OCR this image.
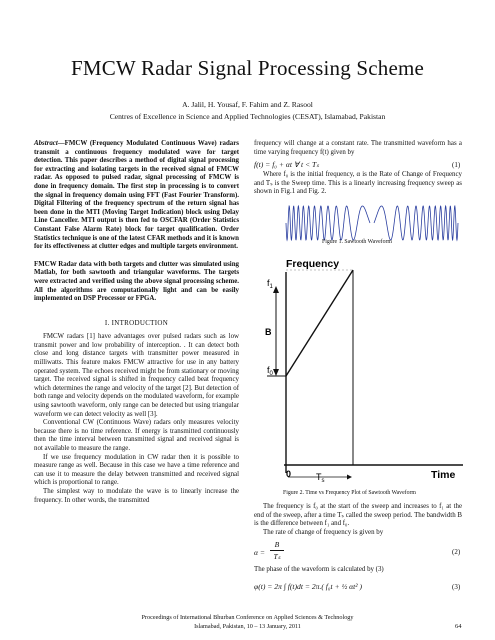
FMCW Radar Signal Processing Scheme
A. Jalil, H. Yousaf, F. Fahim and Z. Rasool
Centres of Excellence in Science and Applied Technologies (CESAT), Islamabad, Pakistan

Abstract—FMCW (Frequency Modulated Continuous Wave) radars transmit a continuous frequency modulated wave for target detection. This paper describes a method of digital signal processing for extracting and isolating targets in the received signal of FMCW radar. As opposed to pulsed radar, signal processing of FMCW is done in frequency domain. The first step in processing is to convert the signal in frequency domain using FFT (Fast Fourier Transform). Digital Filtering of the frequency spectrum of the return signal has been done in the MTI (Moving Target Indication) block using Delay Line Canceller. MTI output is then fed to OSCFAR (Order Statistics Constant False Alarm Rate) block for target qualification. Order Statistics technique is one of the latest CFAR methods and it is known for its effectiveness at clutter edges and multiple targets environment.

FMCW Radar data with both targets and clutter was simulated using Matlab, for both sawtooth and triangular waveforms. The targets were extracted and verified using the above signal processing scheme. All the algorithms are computationally light and can be easily implemented on DSP Processor or FPGA.

I. INTRODUCTION

FMCW radars [1] have advantages over pulsed radars such as low transmit power and low probability of interception. . It can detect both close and long distance targets with transmitter power measured in milliwatts. This feature makes FMCW attractive for use in any battery operated system. The echoes received might be from stationary or moving target. The received signal is shifted in frequency called beat frequency which determines the range and velocity of the target [2]. But detection of both range and velocity depends on the modulated waveform, for example using sawtooth waveform, only range can be detected but using triangular waveform we can detect velocity as well [3].

Conventional CW (Continuous Wave) radars only measures velocity because there is no time reference. If energy is transmitted continuously then the time interval between transmitted signal and received signal is not available to measure the range.

If we use frequency modulation in CW radar then it is possible to measure range as well. Because in this case we have a time reference and can use it to measure the delay between transmitted and received signal which is proportional to range.

The simplest way to modulate the wave is to linearly increase the frequency. In other words, the transmitted

frequency will change at a constant rate. The transmitted waveform has a time varying frequency f(t) given by

f(t) = f₀ + αt ∀ t < Tₛ	(1)
Where f₀ is the initial frequency, α is the Rate of Change of Frequency and Tₛ is the Sweep time. This is a linearly increasing frequency sweep as shown in Fig.1 and Fig. 2.
Figure 1. Sawtooth Waveform
Frequency
B
$f_1$
$f_0$
0	$T_s$	Time
Figure 2. Time vs Frequency Plot of Sawtooth Waveform

The frequency is f₀ at the start of the sweep and increases to f₁ at the end of the sweep, after a time Tₛ called the sweep period. The bandwidth B is the difference between f₁ and f₀.

The rate of change of frequency is given by

α =
B
Tₛ	(2)
The phase of the waveform is calculated by (3)
φ(t) = 2π ∫ f(t)dt = 2π.( f₀t + ½ αt² )	(3)
Proceedings of International Bhurban Conference on Applied Sciences & Technology
Islamabad, Pakistan, 10 – 13 January, 2011	64
